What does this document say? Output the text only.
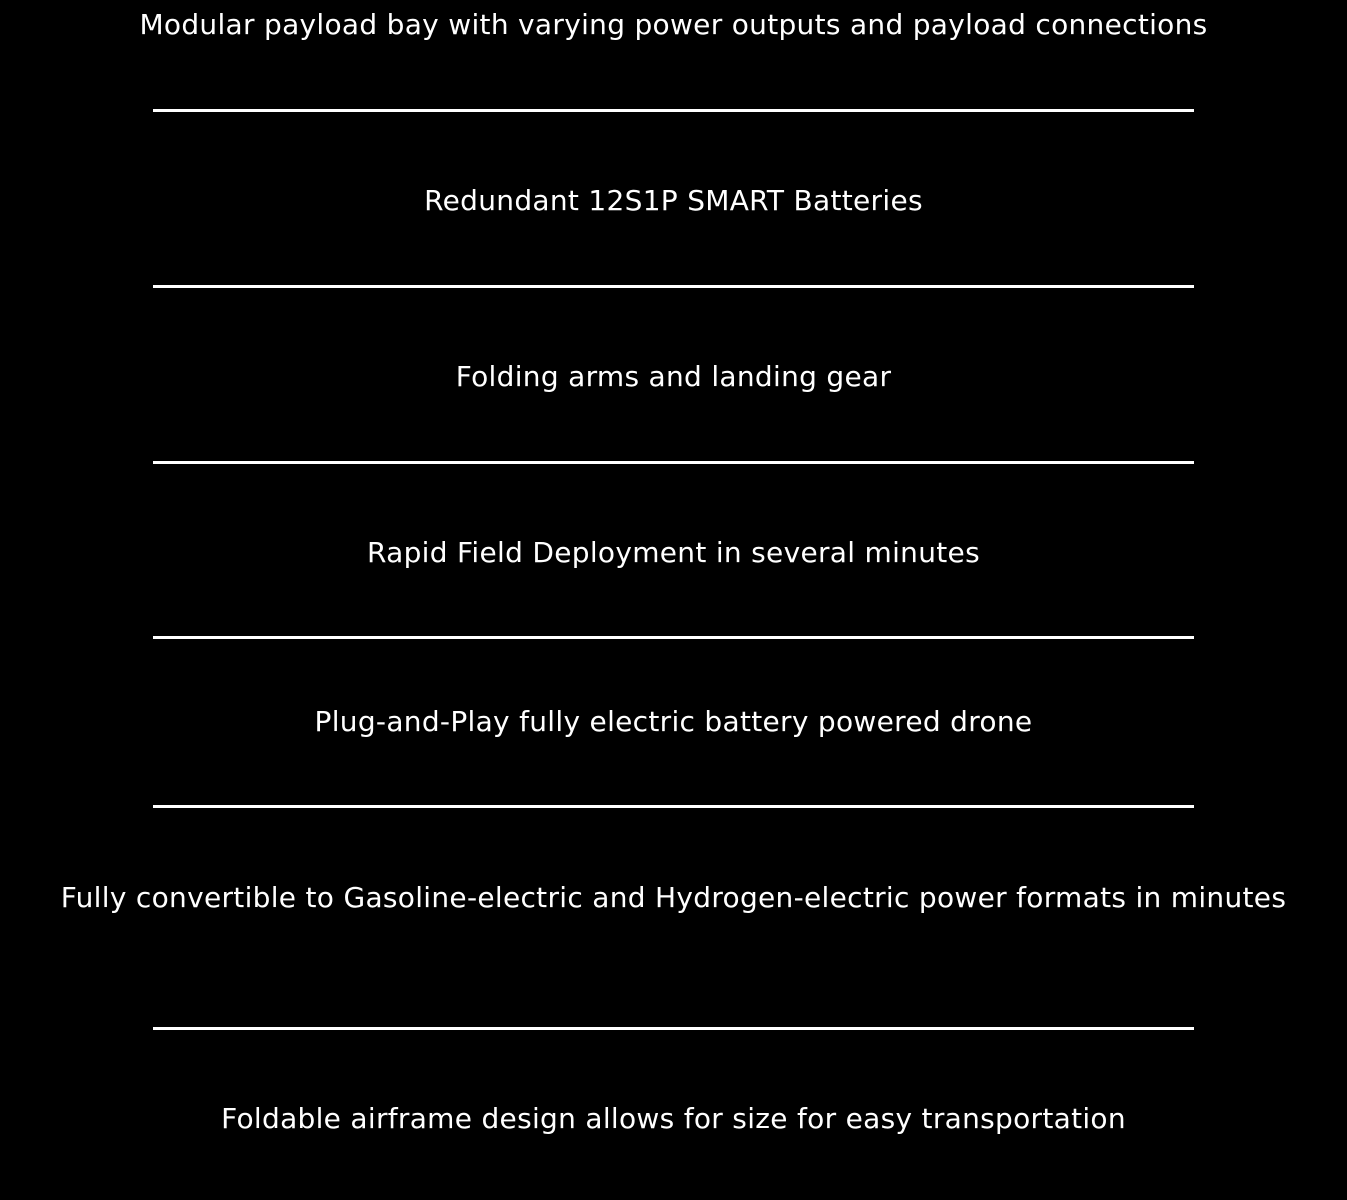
Modular payload bay with varying power outputs and payload connections
Redundant 12S1P SMART Batteries
Folding arms and landing gear
Rapid Field Deployment in several minutes
Plug-and-Play fully electric battery powered drone
Fully convertible to Gasoline-electric and Hydrogen-electric power formats in minutes
Foldable airframe design allows for size for easy transportation
